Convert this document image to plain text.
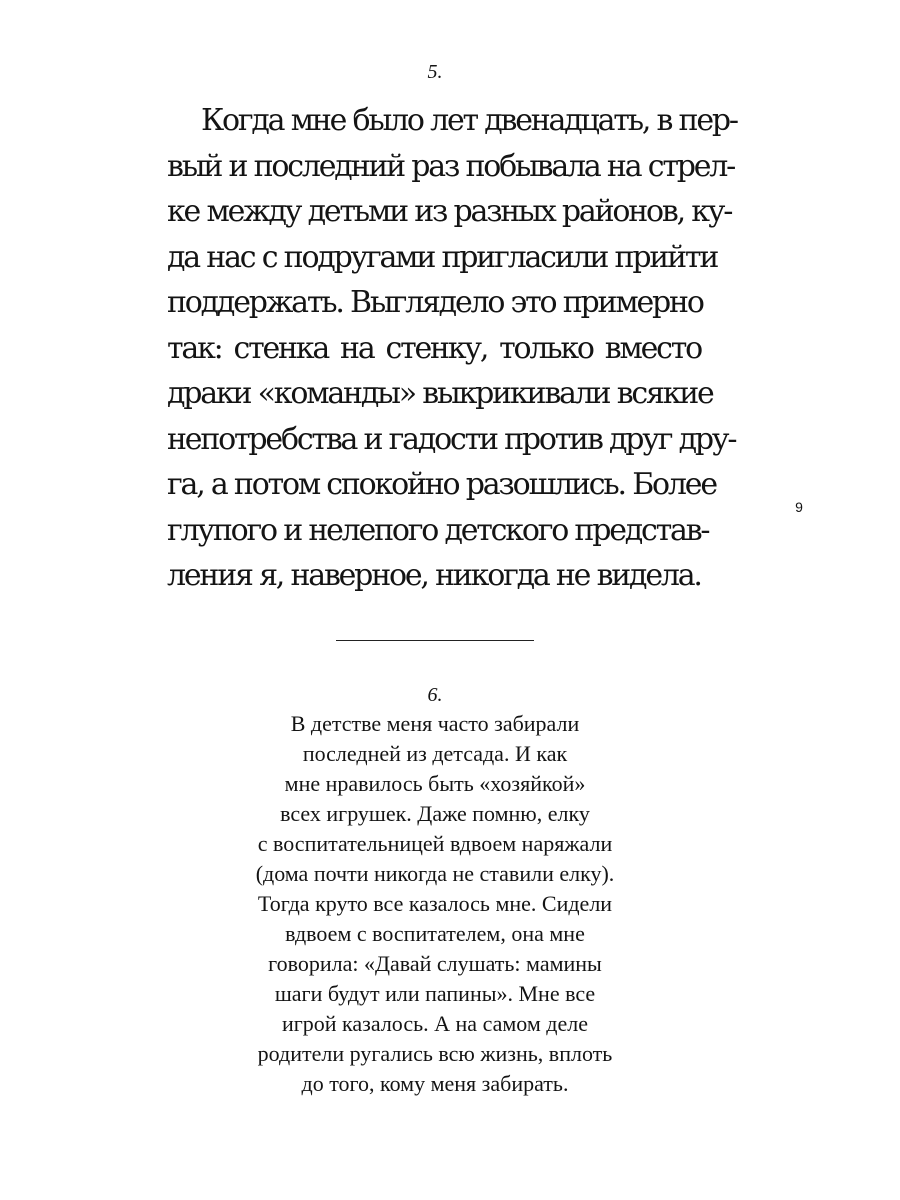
5.
Когда мне было лет двенадцать, в пер-
вый и последний раз побывала на стрел-
ке между детьми из разных районов, ку-
да нас с подругами пригласили прийти
поддержать. Выглядело это примерно
так: стенка на стенку, только вместо
драки «команды» выкрикивали всякие
непотребства и гадости против друг дру-
га, а потом спокойно разошлись. Более
глупого и нелепого детского представ-
ления я, наверное, никогда не видела.
6.
В детстве меня часто забирали
последней из детсада. И как
мне нравилось быть «хозяйкой»
всех игрушек. Даже помню, елку
с воспитательницей вдвоем наряжали
(дома почти никогда не ставили елку).
Тогда круто все казалось мне. Сидели
вдвоем с воспитателем, она мне
говорила: «Давай слушать: мамины
шаги будут или папины». Мне все
игрой казалось. А на самом деле
родители ругались всю жизнь, вплоть
до того, кому меня забирать.
9
